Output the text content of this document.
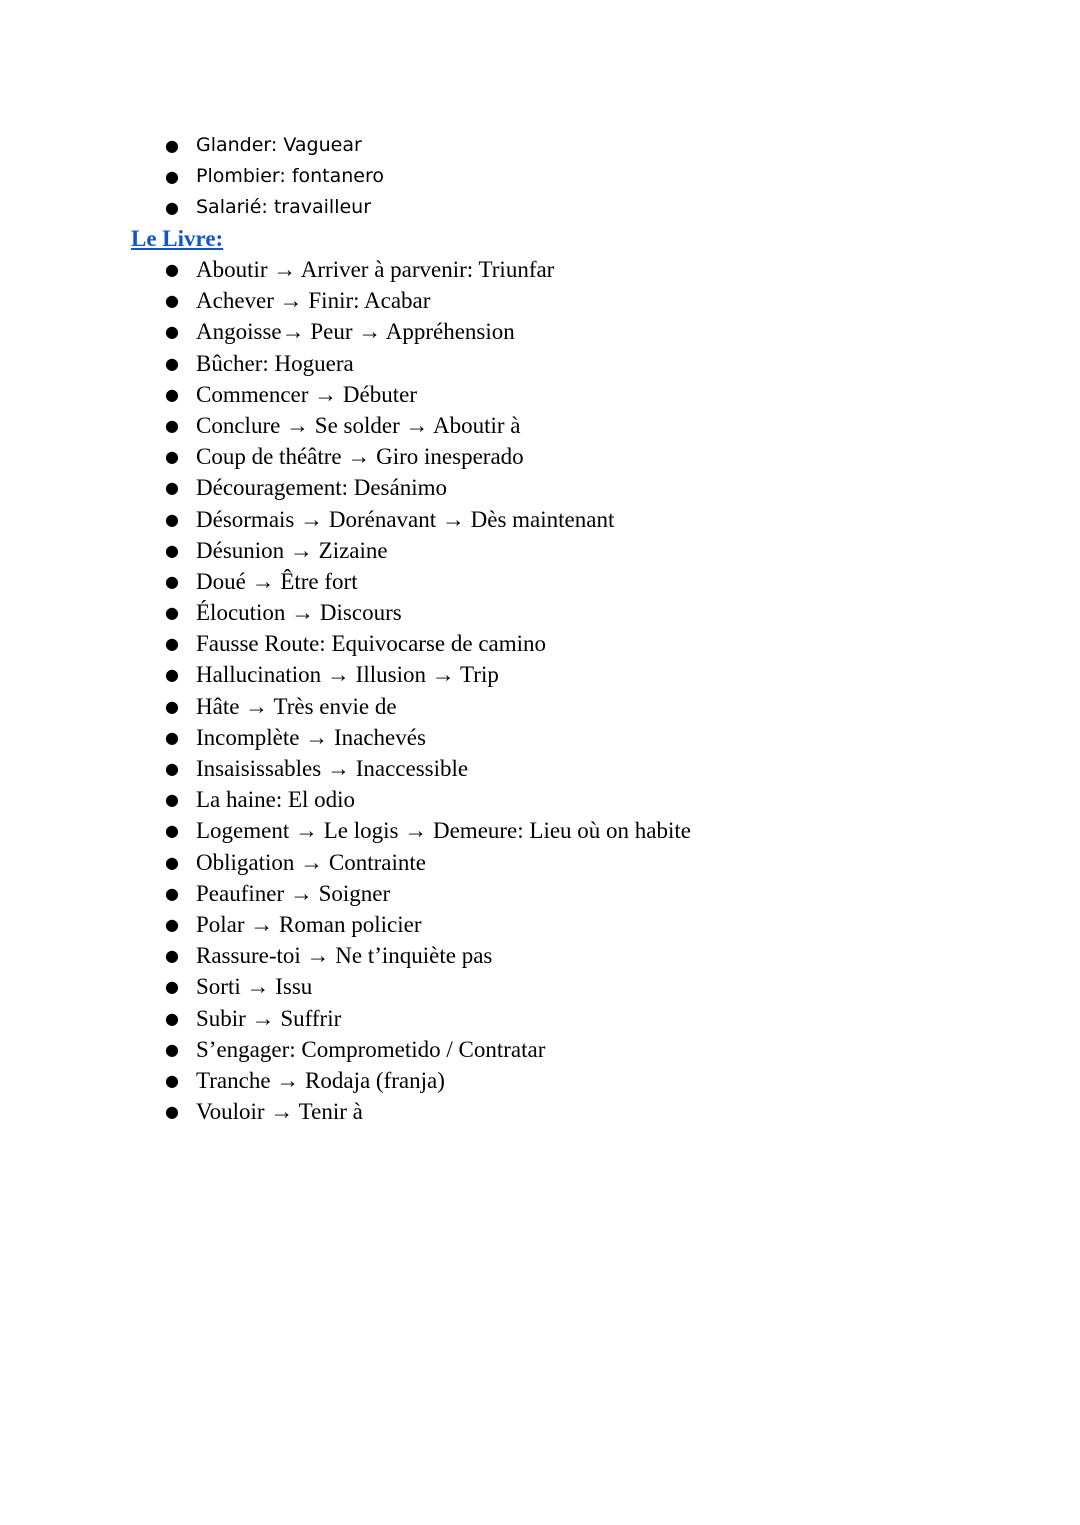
● Glander: Vaguear
● Plombier: fontanero
● Salarié: travailleur
Le Livre:
● Aboutir → Arriver à parvenir: Triunfar
● Achever → Finir: Acabar
● Angoisse→ Peur → Appréhension
● Bûcher: Hoguera
● Commencer → Débuter
● Conclure → Se solder → Aboutir à
● Coup de théâtre → Giro inesperado
● Découragement: Desánimo
● Désormais → Dorénavant → Dès maintenant
● Désunion → Zizaine
● Doué → Être fort
● Élocution → Discours
● Fausse Route: Equivocarse de camino
● Hallucination → Illusion → Trip
● Hâte → Très envie de
● Incomplète → Inachevés
● Insaisissables → Inaccessible
● La haine: El odio
● Logement → Le logis → Demeure: Lieu où on habite
● Obligation → Contrainte
● Peaufiner → Soigner
● Polar → Roman policier
● Rassure-toi → Ne t’inquiète pas
● Sorti → Issu
● Subir → Suffrir
● S’engager: Comprometido / Contratar
● Tranche → Rodaja (franja)
● Vouloir → Tenir à
